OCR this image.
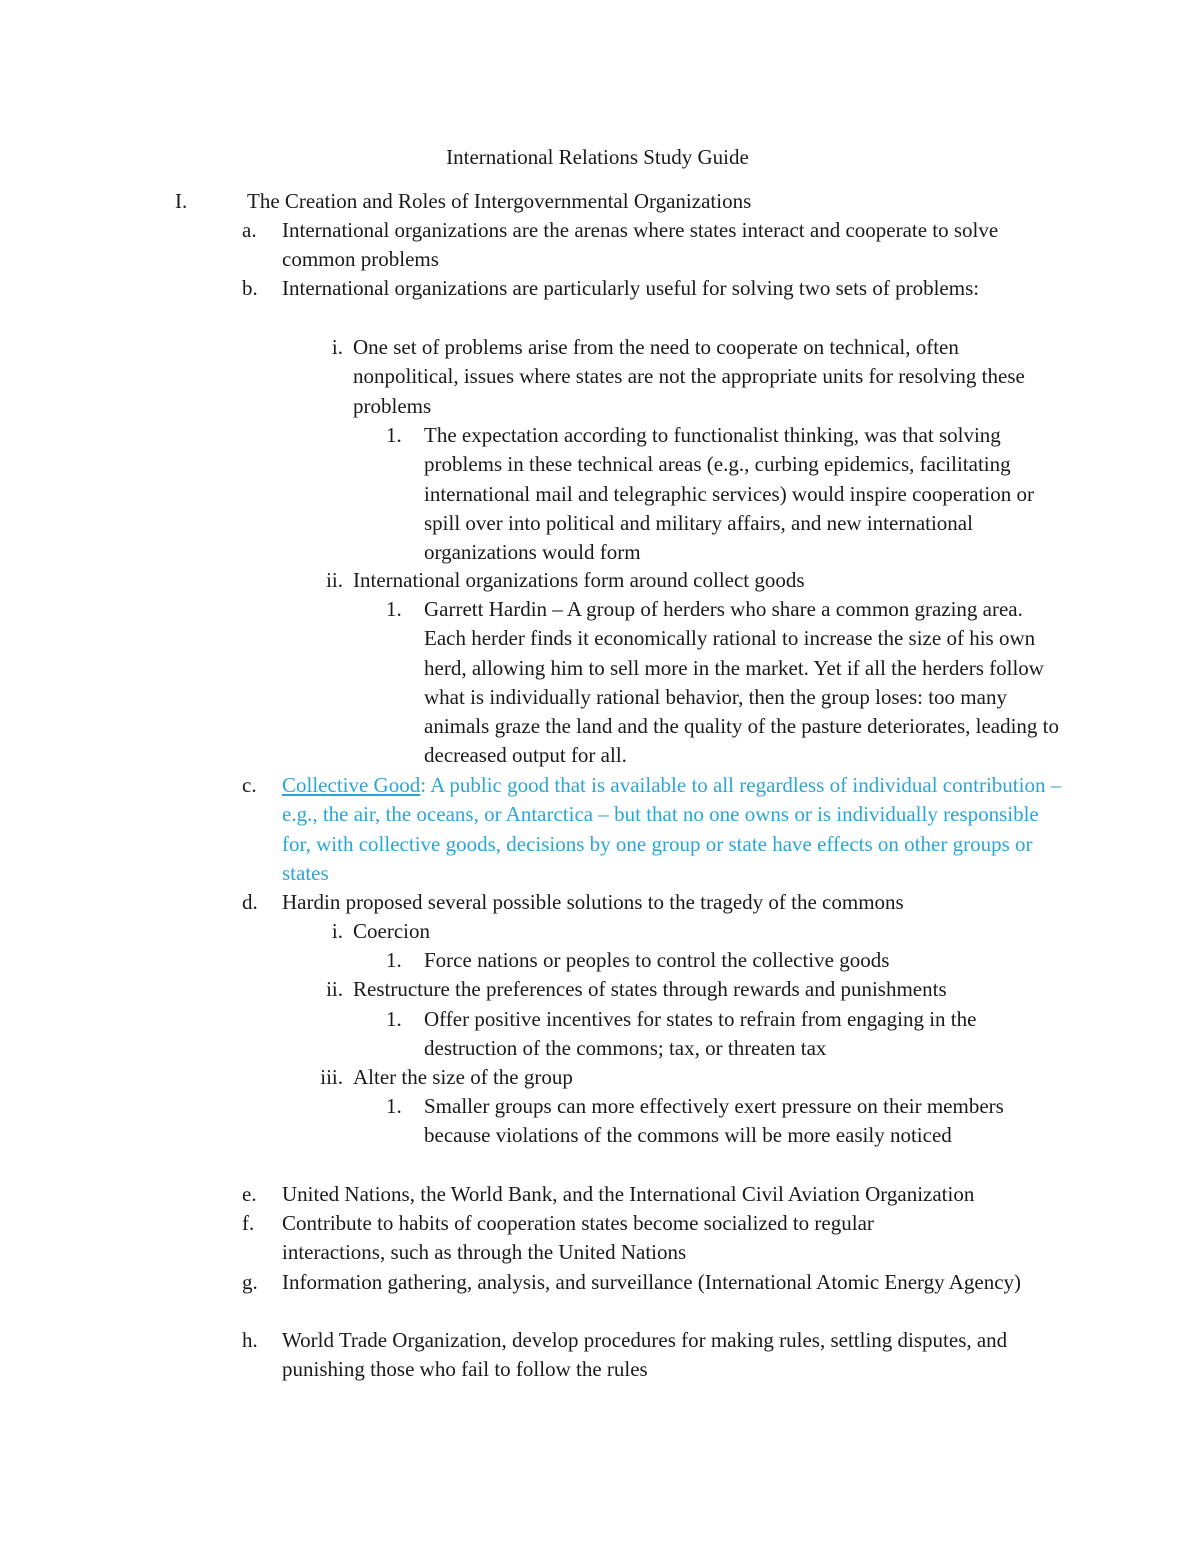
International Relations Study Guide
I.	The Creation and Roles of Intergovernmental Organizations
a.	International organizations are the arenas where states interact and cooperate to solve common problems
b.	International organizations are particularly useful for solving two sets of problems:
i. One set of problems arise from the need to cooperate on technical, often nonpolitical, issues where states are not the appropriate units for resolving these problems
1.	The expectation according to functionalist thinking, was that solving problems in these technical areas (e.g., curbing epidemics, facilitating international mail and telegraphic services) would inspire cooperation or spill over into political and military affairs, and new international organizations would form
ii. International organizations form around collect goods
1.	Garrett Hardin – A group of herders who share a common grazing area. Each herder finds it economically rational to increase the size of his own herd, allowing him to sell more in the market. Yet if all the herders follow what is individually rational behavior, then the group loses: too many animals graze the land and the quality of the pasture deteriorates, leading to decreased output for all.
c.	Collective Good: A public good that is available to all regardless of individual contribution – e.g., the air, the oceans, or Antarctica – but that no one owns or is individually responsible for, with collective goods, decisions by one group or state have effects on other groups or states
d.	Hardin proposed several possible solutions to the tragedy of the commons
i. Coercion
1.	Force nations or peoples to control the collective goods
ii. Restructure the preferences of states through rewards and punishments
1.	Offer positive incentives for states to refrain from engaging in the destruction of the commons; tax, or threaten tax
iii. Alter the size of the group
1.	Smaller groups can more effectively exert pressure on their members because violations of the commons will be more easily noticed
e.	United Nations, the World Bank, and the International Civil Aviation Organization
f.	Contribute to habits of cooperation states become socialized to regular interactions, such as through the United Nations
g.	Information gathering, analysis, and surveillance (International Atomic Energy Agency)
h.	World Trade Organization, develop procedures for making rules, settling disputes, and punishing those who fail to follow the rules
